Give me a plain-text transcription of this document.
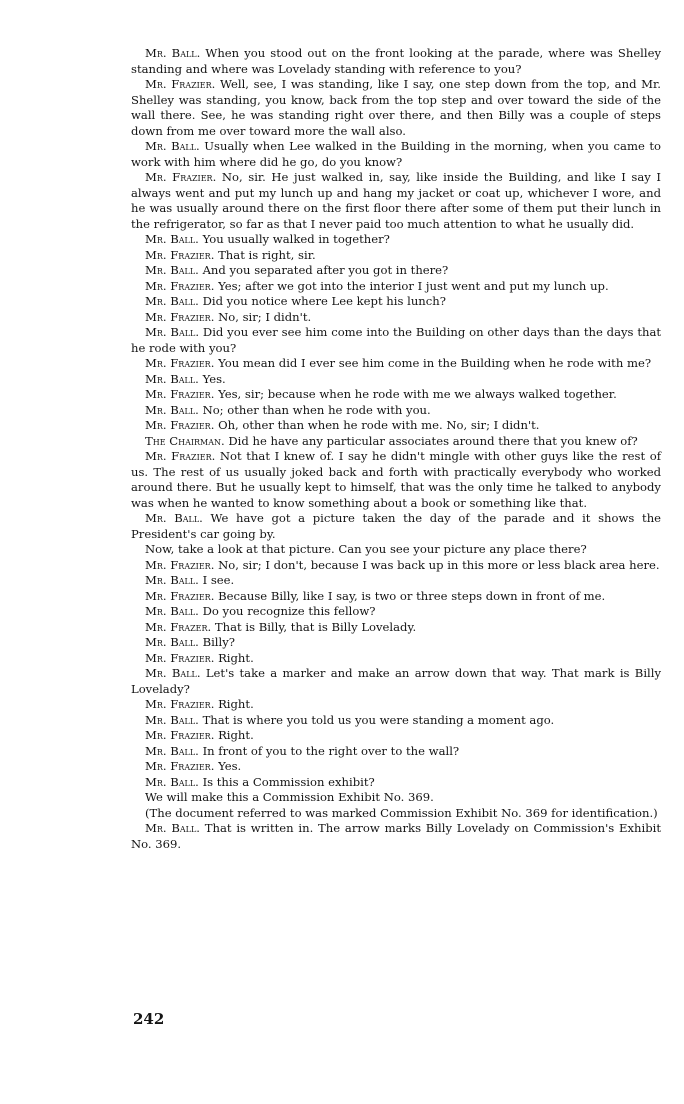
Mr. Ball. When you stood out on the front looking at the parade, where was Shelley standing and where was Lovelady standing with reference to you?

Mr. Frazier. Well, see, I was standing, like I say, one step down from the top, and Mr. Shelley was standing, you know, back from the top step and over toward the side of the wall there. See, he was standing right over there, and then Billy was a couple of steps down from me over toward more the wall also.

Mr. Ball. Usually when Lee walked in the Building in the morning, when you came to work with him where did he go, do you know?

Mr. Frazier. No, sir. He just walked in, say, like inside the Building, and like I say I always went and put my lunch up and hang my jacket or coat up, whichever I wore, and he was usually around there on the first floor there after some of them put their lunch in the refrigerator, so far as that I never paid too much attention to what he usually did.

Mr. Ball. You usually walked in together?

Mr. Frazier. That is right, sir.

Mr. Ball. And you separated after you got in there?

Mr. Frazier. Yes; after we got into the interior I just went and put my lunch up.

Mr. Ball. Did you notice where Lee kept his lunch?

Mr. Frazier. No, sir; I didn't.

Mr. Ball. Did you ever see him come into the Building on other days than the days that he rode with you?

Mr. Frazier. You mean did I ever see him come in the Building when he rode with me?

Mr. Ball. Yes.

Mr. Frazier. Yes, sir; because when he rode with me we always walked together.

Mr. Ball. No; other than when he rode with you.

Mr. Frazier. Oh, other than when he rode with me. No, sir; I didn't.

The Chairman. Did he have any particular associates around there that you knew of?

Mr. Frazier. Not that I knew of. I say he didn't mingle with other guys like the rest of us. The rest of us usually joked back and forth with practically everybody who worked around there. But he usually kept to himself, that was the only time he talked to anybody was when he wanted to know something about a book or something like that.

Mr. Ball. We have got a picture taken the day of the parade and it shows the President's car going by.

Now, take a look at that picture. Can you see your picture any place there?

Mr. Frazier. No, sir; I don't, because I was back up in this more or less black area here.

Mr. Ball. I see.

Mr. Frazier. Because Billy, like I say, is two or three steps down in front of me.

Mr. Ball. Do you recognize this fellow?

Mr. Frazer. That is Billy, that is Billy Lovelady.

Mr. Ball. Billy?

Mr. Frazier. Right.

Mr. Ball. Let's take a marker and make an arrow down that way. That mark is Billy Lovelady?

Mr. Frazier. Right.

Mr. Ball. That is where you told us you were standing a moment ago.

Mr. Frazier. Right.

Mr. Ball. In front of you to the right over to the wall?

Mr. Frazier. Yes.

Mr. Ball. Is this a Commission exhibit?

We will make this a Commission Exhibit No. 369.

(The document referred to was marked Commission Exhibit No. 369 for identification.)

Mr. Ball. That is written in. The arrow marks Billy Lovelady on Commission's Exhibit No. 369.

242
